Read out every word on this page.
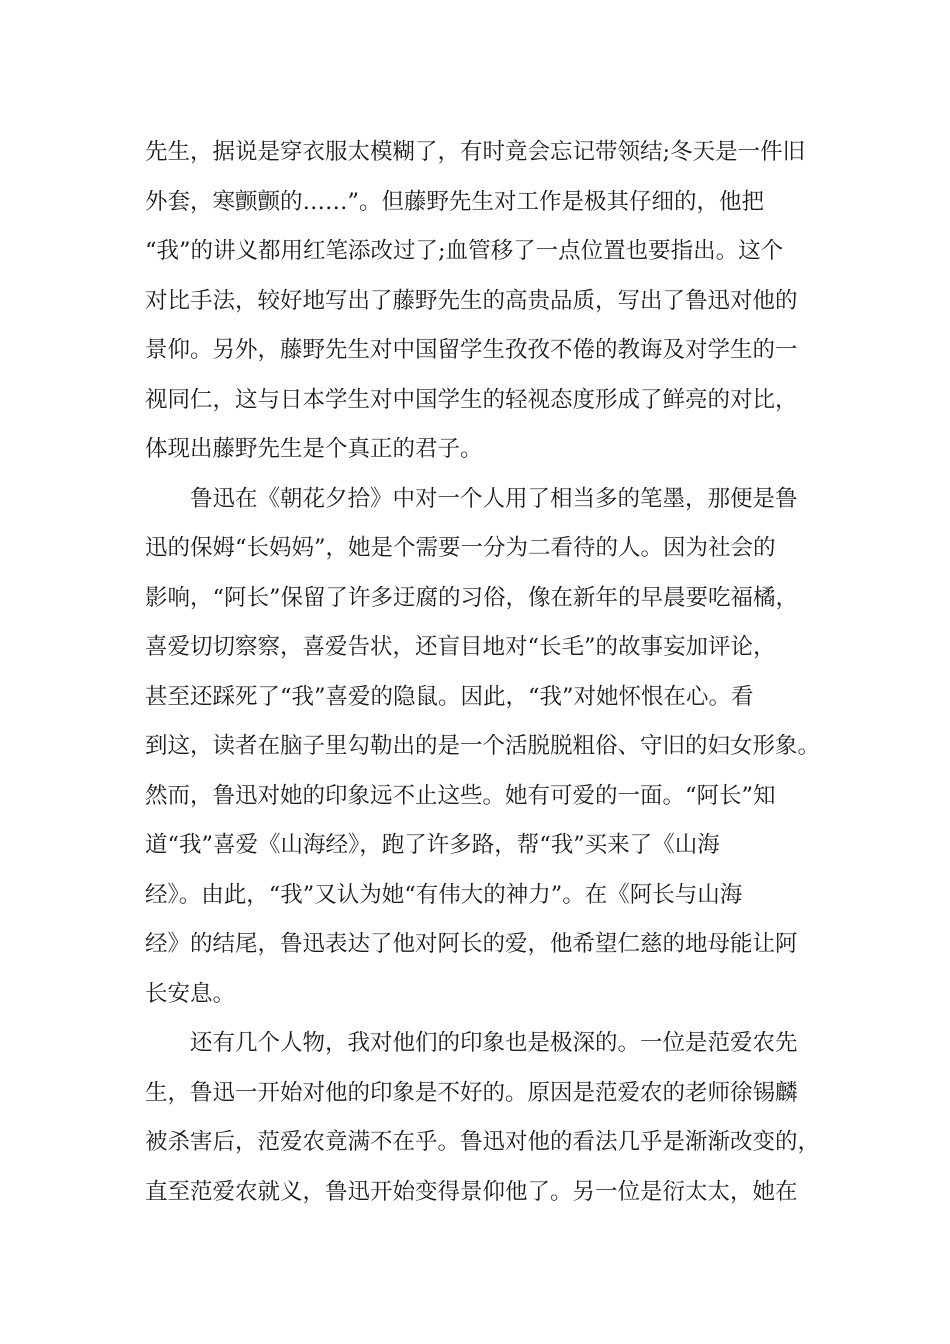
先生，据说是穿衣服太模糊了，有时竟会忘记带领结;冬天是一件旧
外套，寒颤颤的……”。但藤野先生对工作是极其仔细的，他把
“我”的讲义都用红笔添改过了;血管移了一点位置也要指出。这个
对比手法，较好地写出了藤野先生的高贵品质，写出了鲁迅对他的
景仰。另外，藤野先生对中国留学生孜孜不倦的教诲及对学生的一
视同仁，这与日本学生对中国学生的轻视态度形成了鲜亮的对比，
体现出藤野先生是个真正的君子。
鲁迅在《朝花夕拾》中对一个人用了相当多的笔墨，那便是鲁
迅的保姆“长妈妈”，她是个需要一分为二看待的人。因为社会的
影响，“阿长”保留了许多迂腐的习俗，像在新年的早晨要吃福橘，
喜爱切切察察，喜爱告状，还盲目地对“长毛”的故事妄加评论，
甚至还踩死了“我”喜爱的隐鼠。因此，“我”对她怀恨在心。看
到这，读者在脑子里勾勒出的是一个活脱脱粗俗、守旧的妇女形象。
然而，鲁迅对她的印象远不止这些。她有可爱的一面。“阿长”知
道“我”喜爱《山海经》，跑了许多路，帮“我”买来了《山海
经》。由此，“我”又认为她“有伟大的神力”。在《阿长与山海
经》的结尾，鲁迅表达了他对阿长的爱，他希望仁慈的地母能让阿
长安息。
还有几个人物，我对他们的印象也是极深的。一位是范爱农先
生，鲁迅一开始对他的印象是不好的。原因是范爱农的老师徐锡麟
被杀害后，范爱农竟满不在乎。鲁迅对他的看法几乎是渐渐改变的，
直至范爱农就义，鲁迅开始变得景仰他了。另一位是衍太太，她在
